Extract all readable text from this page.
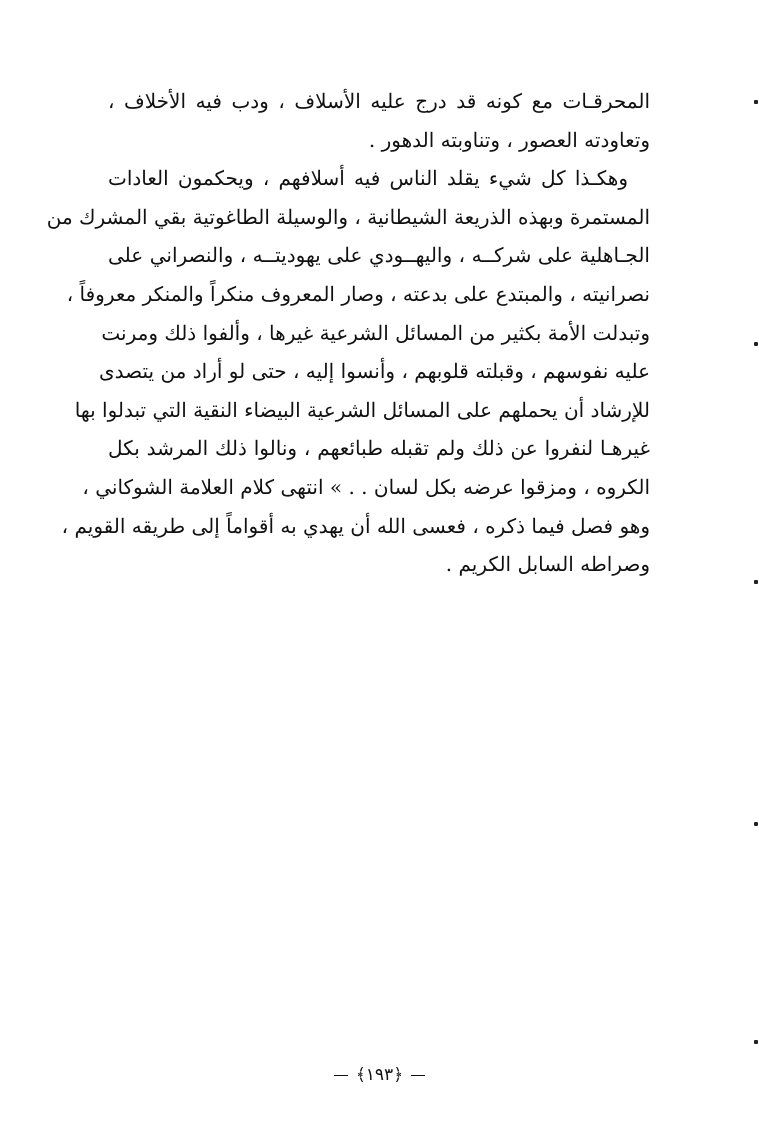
المحرقـات مع كونه قد درج عليه الأسلاف ، ودب فيه الأخلاف ،
وتعاودته العصور ، وتناوبته الدهور .
وهكـذا كل شيء يقلد الناس فيه أسلافهم ، ويحكمون العادات
المستمرة وبهذه الذريعة الشيطانية ، والوسيلة الطاغوتية بقي المشرك من
الجـاهلية على شركــه ، واليهــودي على يهوديتــه ، والنصراني على
نصرانيته ، والمبتدع على بدعته ، وصار المعروف منكراً والمنكر معروفاً ،
وتبدلت الأمة بكثير من المسائل الشرعية غيرها ، وألفوا ذلك ومرنت
عليه نفوسهم ، وقبلته قلوبهم ، وأنسوا إليه ، حتى لو أراد من يتصدى
للإرشاد أن يحملهم على المسائل الشرعية البيضاء النقية التي تبدلوا بها
غيرهـا لنفروا عن ذلك ولم تقبله طبائعهم ، ونالوا ذلك المرشد بكل
الكروه ، ومزقوا عرضه بكل لسان . . » انتهى كلام العلامة الشوكاني ،
وهو فصل فيما ذكره ، فعسى الله أن يهدي به أقواماً إلى طريقه القويم ،
وصراطه السابل الكريم .
﴿١٩٣﴾
